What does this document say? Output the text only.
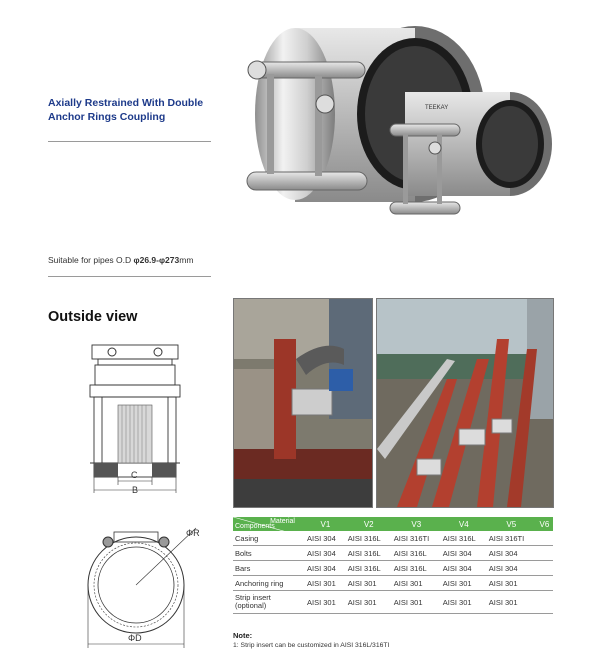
Axially Restrained With Double
Anchor Rings Coupling
TEEKAY
Suitable for pipes O.D φ26.9-φ273mm
Outside view
C
B
ΦR
ΦD
Material
Components	V1	V2	V3	V4	V5	V6
Casing	AISI 304	AISI 316L	AISI 316TI	AISI 316L	AISI 316TI	
Bolts	AISI 304	AISI 316L	AISI 316L	AISI 304	AISI 304	
Bars	AISI 304	AISI 316L	AISI 316L	AISI 304	AISI 304	
Anchoring ring	AISI 301	AISI 301	AISI 301	AISI 301	AISI 301	
Strip insert (optional)	AISI 301	AISI 301	AISI 301	AISI 301	AISI 301	
Note:
1: Strip insert can be customized in AISI 316L/316TI
